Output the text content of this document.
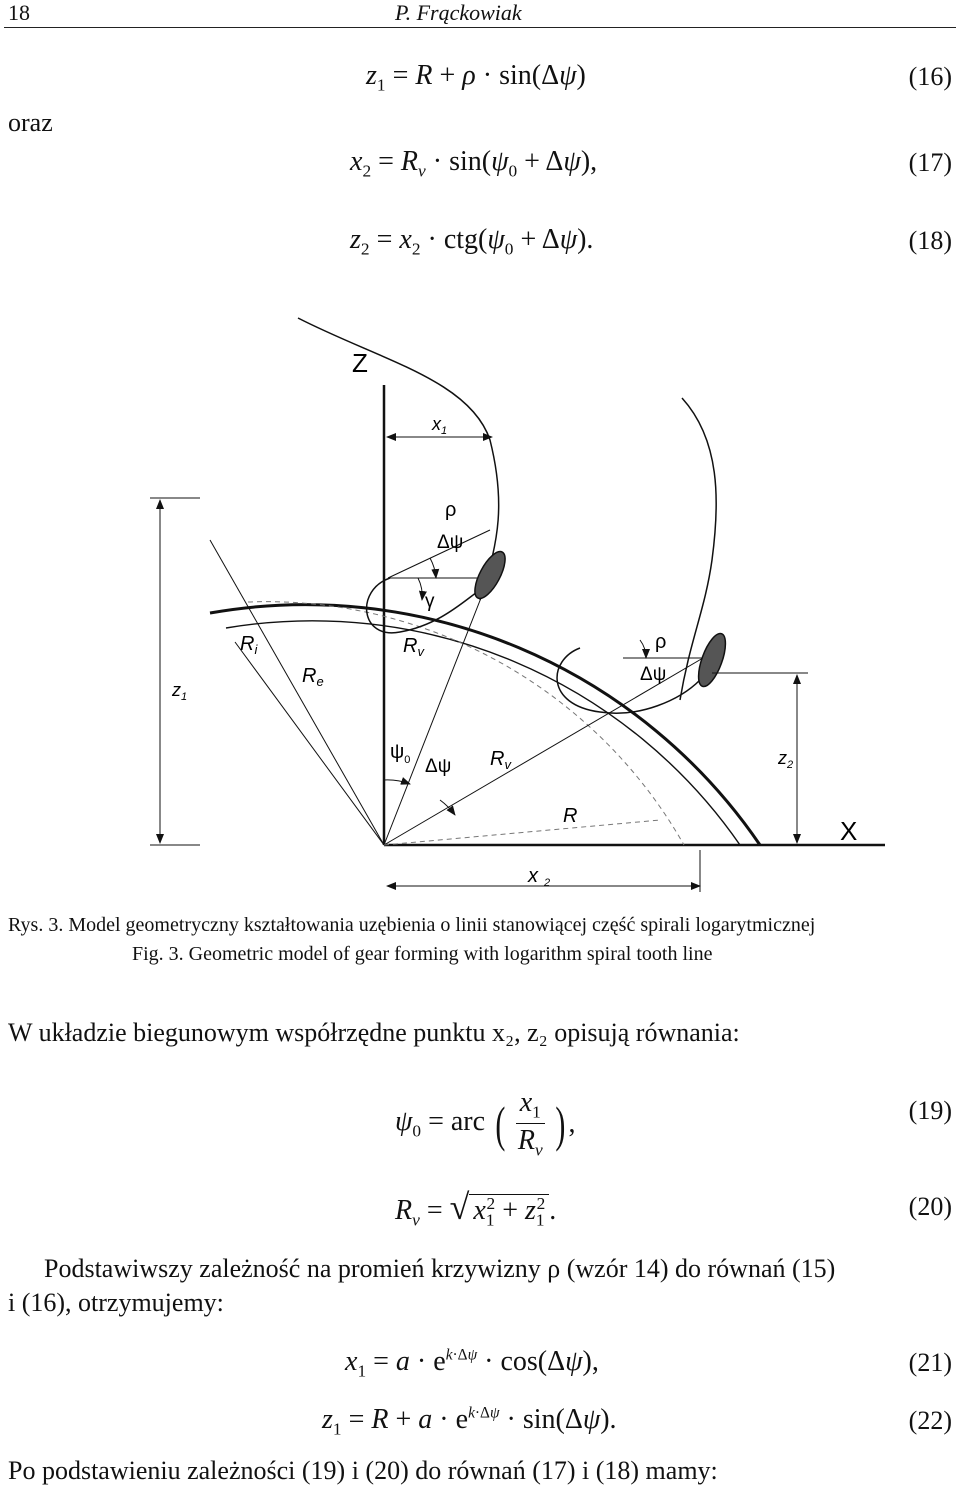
18	P. Frąckowiak
oraz
$z_1 = R + \rho \cdot \sin(\Delta\psi)$	(16)
$x_2 = R_v \cdot \sin(\psi_0 + \Delta\psi)$,	(17)
$z_2 = x_2 \cdot ctg(\psi_0 + \Delta\psi)$.	(18)
Z
X
$x_1$
ρ
Δψ
γ
$R_i$
$R_e$
$R_v$	ρ
Δψ
$z_1$
$\psi_0$ Δψ $R_v$	$z_2$
R
x $_2$
Rys. 3. Model geometryczny kształtowania uzębienia o linii stanowiącej część spirali logarytmicznej
Fig. 3. Geometric model of gear forming with logarithm spiral tooth line
W układzie biegunowym współrzędne punktu x₂, z₂ opisują równania:
$\psi_0$ = arc ( $\frac{x_1}{R_v}$ ) ,	(19)
$R_v$ = √ $x_1^2 + z_1^2$ .	(20)
Podstawiwszy zależność na promień krzywizny ρ (wzór 14) do równań (15)
i (16), otrzymujemy:
$x_1 = a \cdot e^{k\cdot\Delta\psi} \cdot \cos(\Delta\psi)$,	(21)
$z_1 = R + a \cdot e^{k\cdot\Delta\psi} \cdot \sin(\Delta\psi)$.	(22)
Po podstawieniu zależności (19) i (20) do równań (17) i (18) mamy:
